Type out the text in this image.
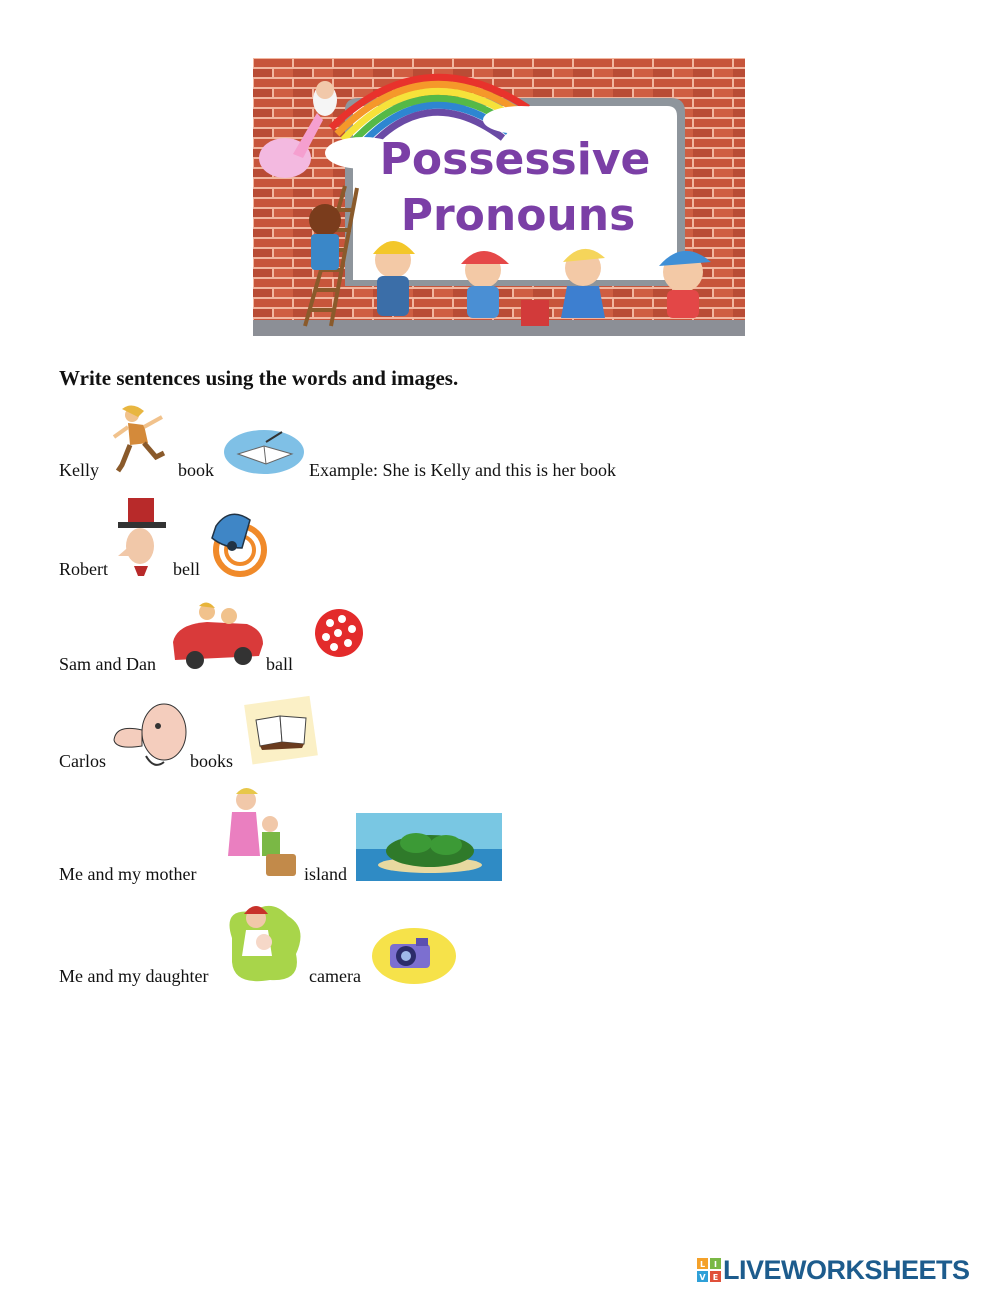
Possessive
Pronouns
Write sentences using the words and images.
Kelly	book	Example: She is Kelly and this is her book
Robert	bell
Sam and Dan	ball
Carlos	books
Me and my mother	island
Me and my daughter	camera
L I
V E LIVEWORKSHEETS
